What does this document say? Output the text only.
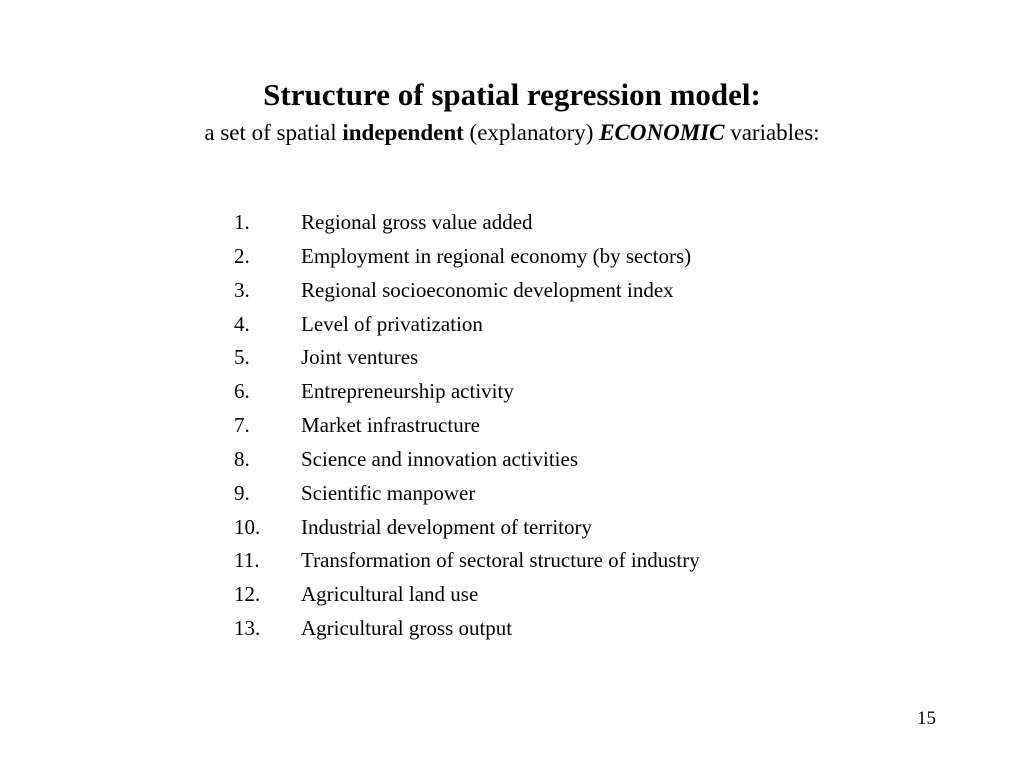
Structure of spatial regression model:
a set of spatial independent (explanatory) ECONOMIC variables:
1. Regional gross value added
2. Employment in regional economy (by sectors)
3. Regional socioeconomic development index
4. Level of privatization
5. Joint ventures
6. Entrepreneurship activity
7. Market infrastructure
8. Science and innovation activities
9. Scientific manpower
10. Industrial development of territory
11. Transformation of sectoral structure of industry
12. Agricultural land use
13. Agricultural gross output
15
